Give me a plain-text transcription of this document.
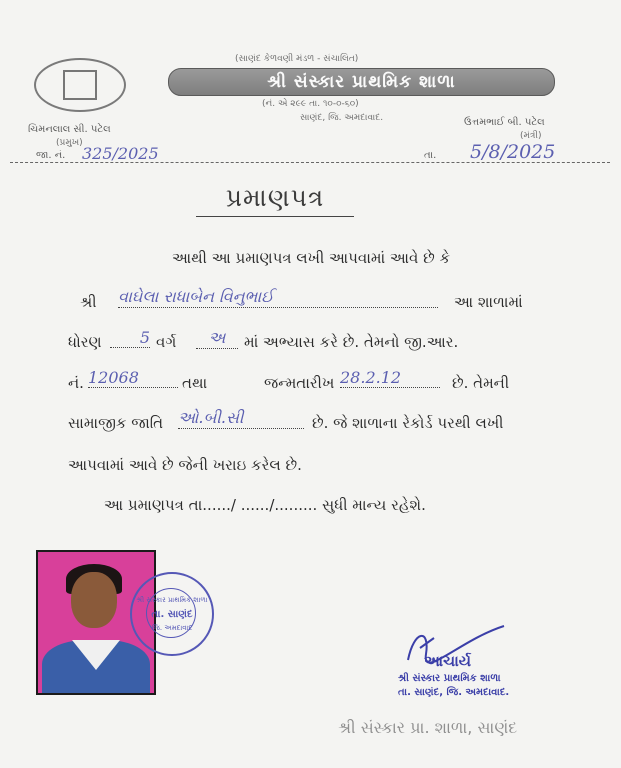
(સાણંદ કેળવણી મંડળ - સંચાલિત)
શ્રી સંસ્કાર પ્રાથમિક શાળા
(નં. એ ૨૯૯ તા. ૧૦-૦-૬૦)
સાણંદ, જિ. અમદાવાદ.
ચિમનલાલ સી. પટેલ
(પ્રમુખ)
ઉત્તમભાઈ બી. પટેલ
(મંત્રી)
જા. નં. 325/2025	તા. 5/8/2025
પ્રમાણપત્ર
આથી આ પ્રમાણપત્ર લખી આપવામાં આવે છે કે
શ્રી વાઘેલા રાધાબેન વિનુભાઈ	આ શાળામાં
ધોરણ	5 વર્ગ	અ	માં અભ્યાસ કરે છે. તેમનો જી.આર.
નં. 12068	તથા	જન્મતારીખ 28.2.12	છે. તેમની
સામાજીક જાતિ ઓ.બી.સી	છે. જે શાળાના રેકોર્ડ પરથી લખી
આપવામાં આવે છે જેની ખરાઇ કરેલ છે.
આ પ્રમાણપત્ર તા....../ ....../......... સુધી માન્ય રહેશે.
શ્રી સંસ્કાર પ્રાથમિક શાળા
તા. સાણંદ
જિ. અમદાવાદ
આચાર્ય
શ્રી સંસ્કાર પ્રાથમિક શાળા
તા. સાણંદ, જિ. અમદાવાદ.
શ્રી સંસ્કાર પ્રા. શાળા, સાણંદ
